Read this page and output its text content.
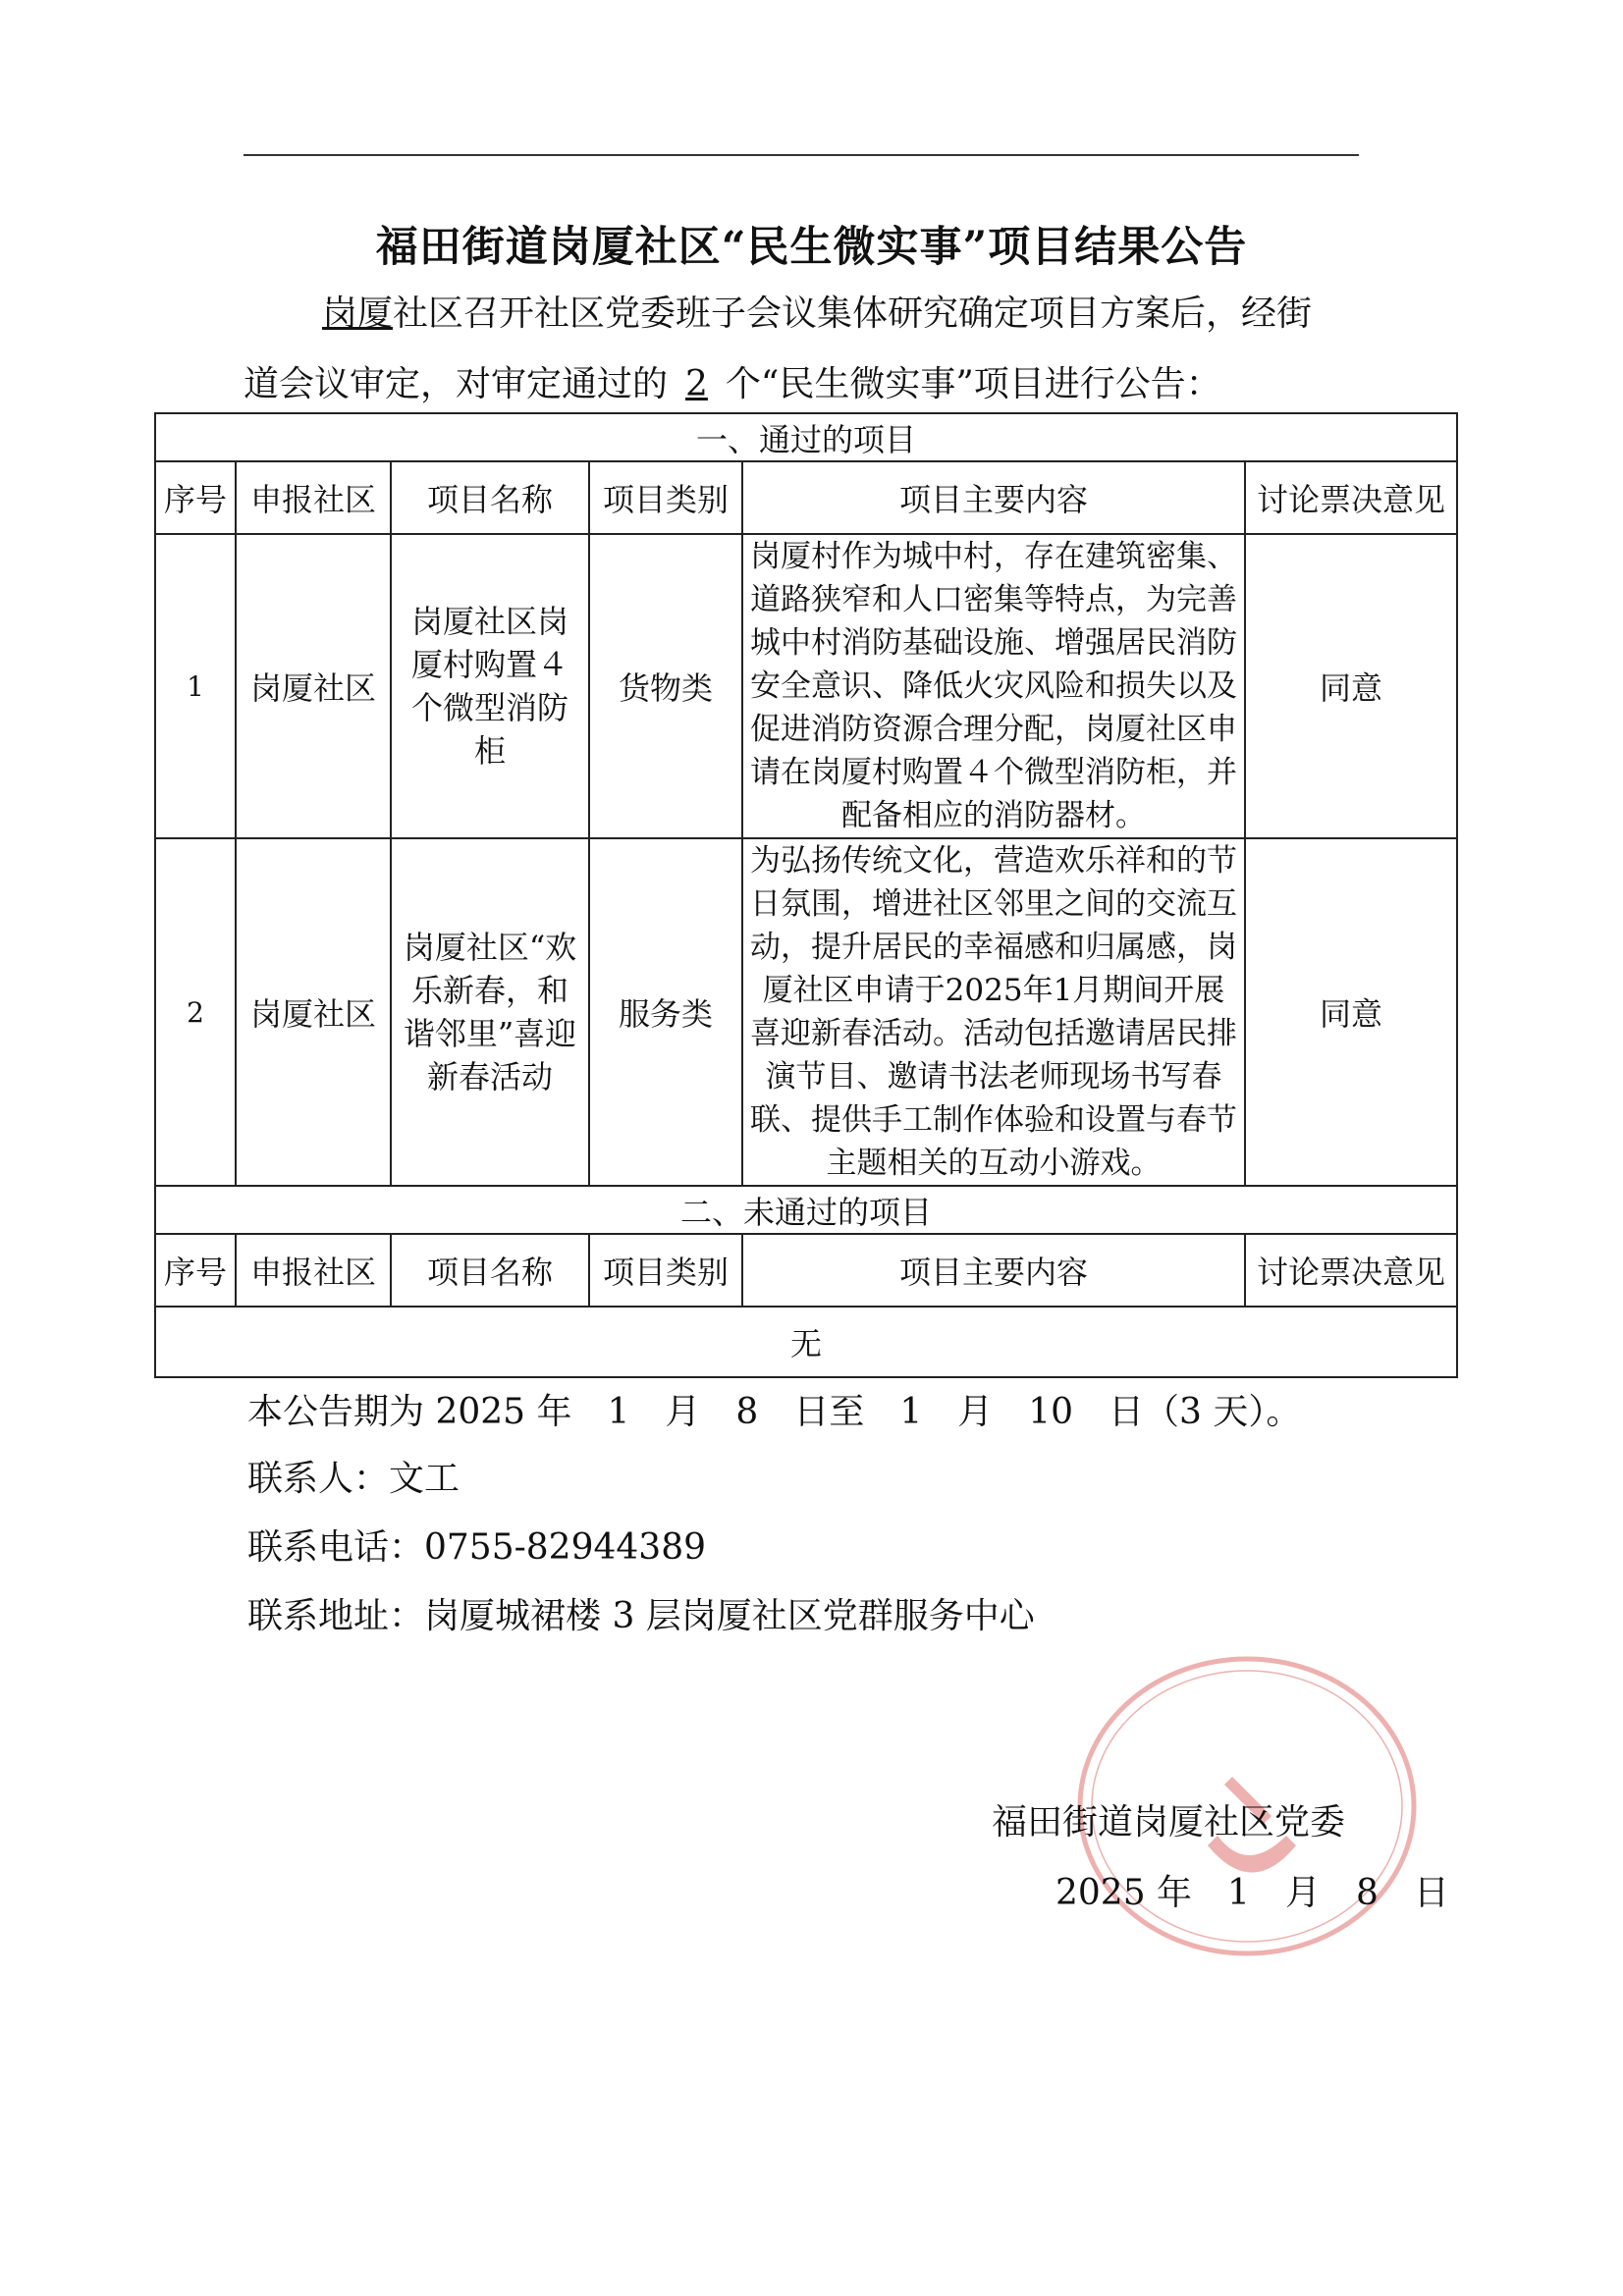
福田街道岗厦社区“民生微实事”项目结果公告
岗厦社区召开社区党委班子会议集体研究确定项目方案后，经街
道会议审定，对审定通过的 2 个“民生微实事”项目进行公告：
一、通过的项目					
序号	申报社区	项目名称	项目类别	项目主要内容	讨论票决意见
1	岗厦社区	岗厦社区岗厦村购置４个微型消防柜	货物类	岗厦村作为城中村，存在建筑密集、道路狭窄和人口密集等特点，为完善城中村消防基础设施、增强居民消防安全意识、降低火灾风险和损失以及促进消防资源合理分配，岗厦社区申请在岗厦村购置４个微型消防柜，并配备相应的消防器材。	同意
2	岗厦社区	岗厦社区“欢乐新春，和谐邻里”喜迎新春活动	服务类	为弘扬传统文化，营造欢乐祥和的节日氛围，增进社区邻里之间的交流互动，提升居民的幸福感和归属感，岗厦社区申请于2025年1月期间开展喜迎新春活动。活动包括邀请居民排演节目、邀请书法老师现场书写春联、提供手工制作体验和设置与春节主题相关的互动小游戏。	同意
二、未通过的项目					
序号	申报社区	项目名称	项目类别	项目主要内容	讨论票决意见
无					
本公告期为 2025 年　1　月　8　日至　1　月　10　日（3 天）。
联系人：文工
联系电话：0755-82944389
联系地址：岗厦城裙楼 3 层岗厦社区党群服务中心
福田街道岗厦社区党委
2025 年　1　月　8　日
